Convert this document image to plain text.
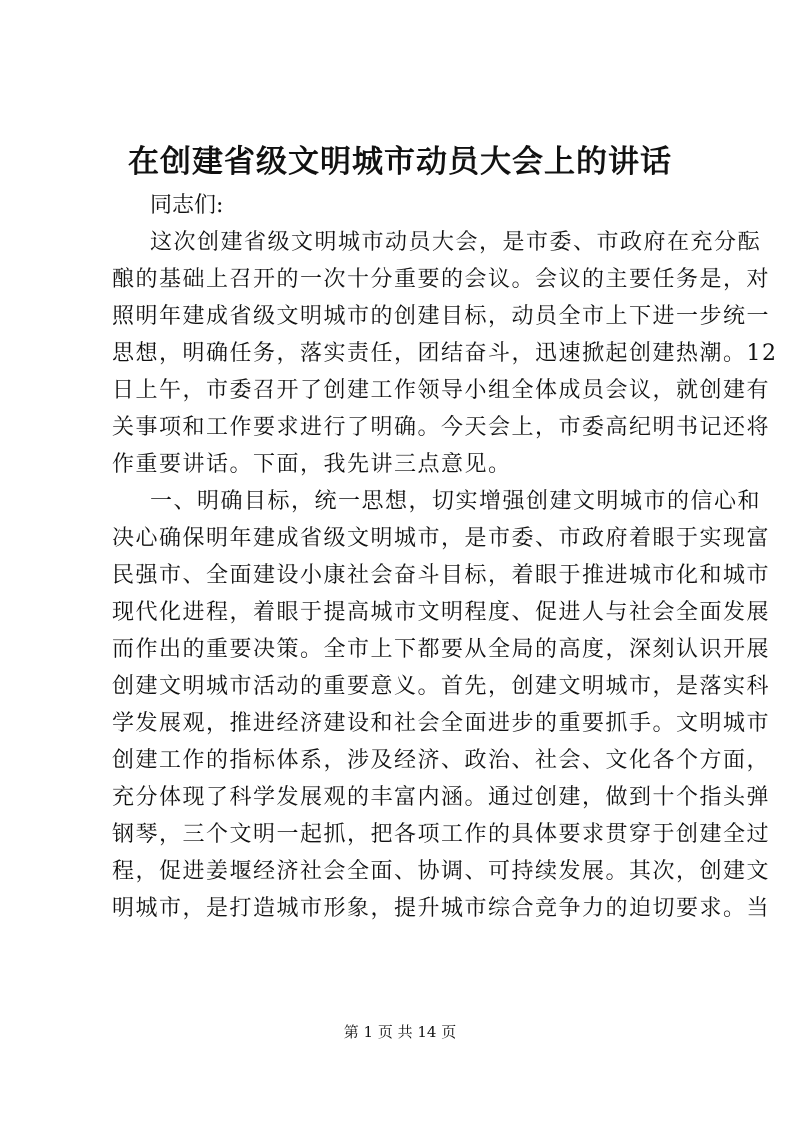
在创建省级文明城市动员大会上的讲话
同志们:
这次创建省级文明城市动员大会，是市委、市政府在充分酝
酿的基础上召开的一次十分重要的会议。会议的主要任务是，对
照明年建成省级文明城市的创建目标，动员全市上下进一步统一
思想，明确任务，落实责任，团结奋斗，迅速掀起创建热潮。12
日上午，市委召开了创建工作领导小组全体成员会议，就创建有
关事项和工作要求进行了明确。今天会上，市委高纪明书记还将
作重要讲话。下面，我先讲三点意见。
一、明确目标，统一思想，切实增强创建文明城市的信心和
决心确保明年建成省级文明城市，是市委、市政府着眼于实现富
民强市、全面建设小康社会奋斗目标，着眼于推进城市化和城市
现代化进程，着眼于提高城市文明程度、促进人与社会全面发展
而作出的重要决策。全市上下都要从全局的高度，深刻认识开展
创建文明城市活动的重要意义。首先，创建文明城市，是落实科
学发展观，推进经济建设和社会全面进步的重要抓手。文明城市
创建工作的指标体系，涉及经济、政治、社会、文化各个方面，
充分体现了科学发展观的丰富内涵。通过创建，做到十个指头弹
钢琴，三个文明一起抓，把各项工作的具体要求贯穿于创建全过
程，促进姜堰经济社会全面、协调、可持续发展。其次，创建文
明城市，是打造城市形象，提升城市综合竞争力的迫切要求。当
第 1 页 共 14 页
